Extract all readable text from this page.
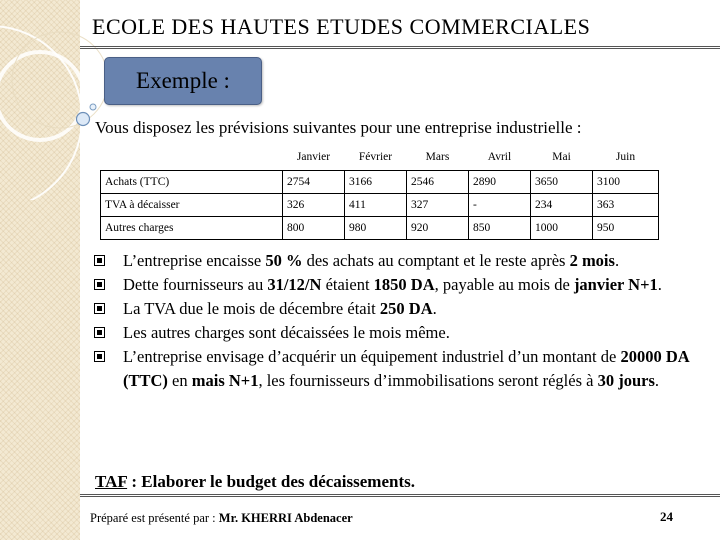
ECOLE DES HAUTES ETUDES COMMERCIALES
Exemple :
Vous disposez les prévisions suivantes pour une entreprise industrielle :
	Janvier	Février	Mars	Avril	Mai	Juin
Achats (TTC)	2754	3166	2546	2890	3650	3100
TVA à décaisser	326	411	327	-	234	363
Autres charges	800	980	920	850	1000	950
L’entreprise encaisse 50 % des achats au comptant et le reste après 2 mois.
Dette fournisseurs au 31/12/N étaient 1850 DA, payable au mois de janvier N+1.
La TVA due le mois de décembre était 250 DA.
Les autres charges sont décaissées le mois même.
L’entreprise envisage d’acquérir un équipement industriel d’un montant de 20000 DA (TTC) en mais N+1, les fournisseurs d’immobilisations seront réglés à 30 jours.
TAF : Elaborer le budget des décaissements.
Préparé est présenté par : Mr. KHERRI Abdenacer	24
